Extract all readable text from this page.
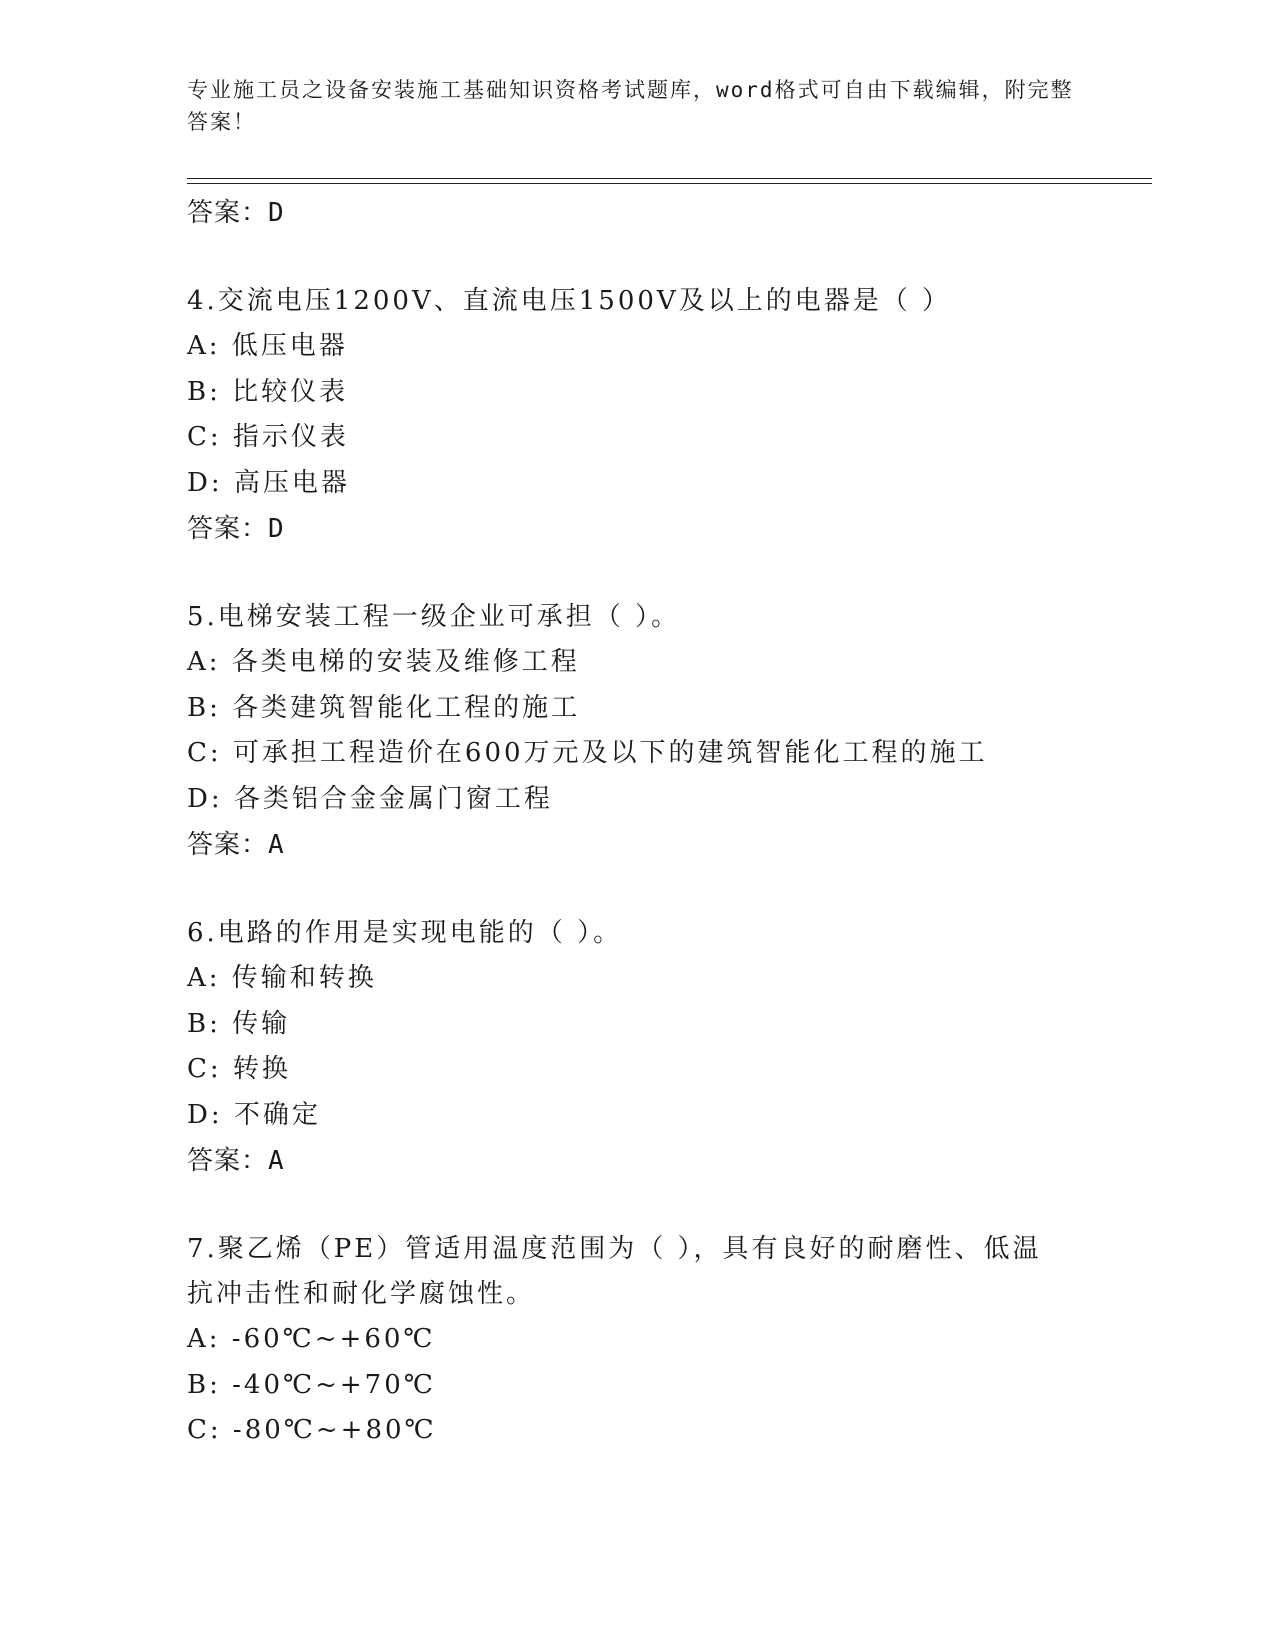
专业施工员之设备安装施工基础知识资格考试题库，word格式可自由下载编辑，附完整答案！
答案：D
4.交流电压1200V、直流电压1500V及以上的电器是（ ）
A: 低压电器
B: 比较仪表
C: 指示仪表
D: 高压电器
答案：D
5.电梯安装工程一级企业可承担（ ）。
A: 各类电梯的安装及维修工程
B: 各类建筑智能化工程的施工
C: 可承担工程造价在600万元及以下的建筑智能化工程的施工
D: 各类铝合金金属门窗工程
答案：A
6.电路的作用是实现电能的（ ）。
A: 传输和转换
B: 传输
C: 转换
D: 不确定
答案：A
7.聚乙烯（PE）管适用温度范围为（ ），具有良好的耐磨性、低温抗冲击性和耐化学腐蚀性。
A: -60℃~+60℃
B: -40℃~+70℃
C: -80℃~+80℃
